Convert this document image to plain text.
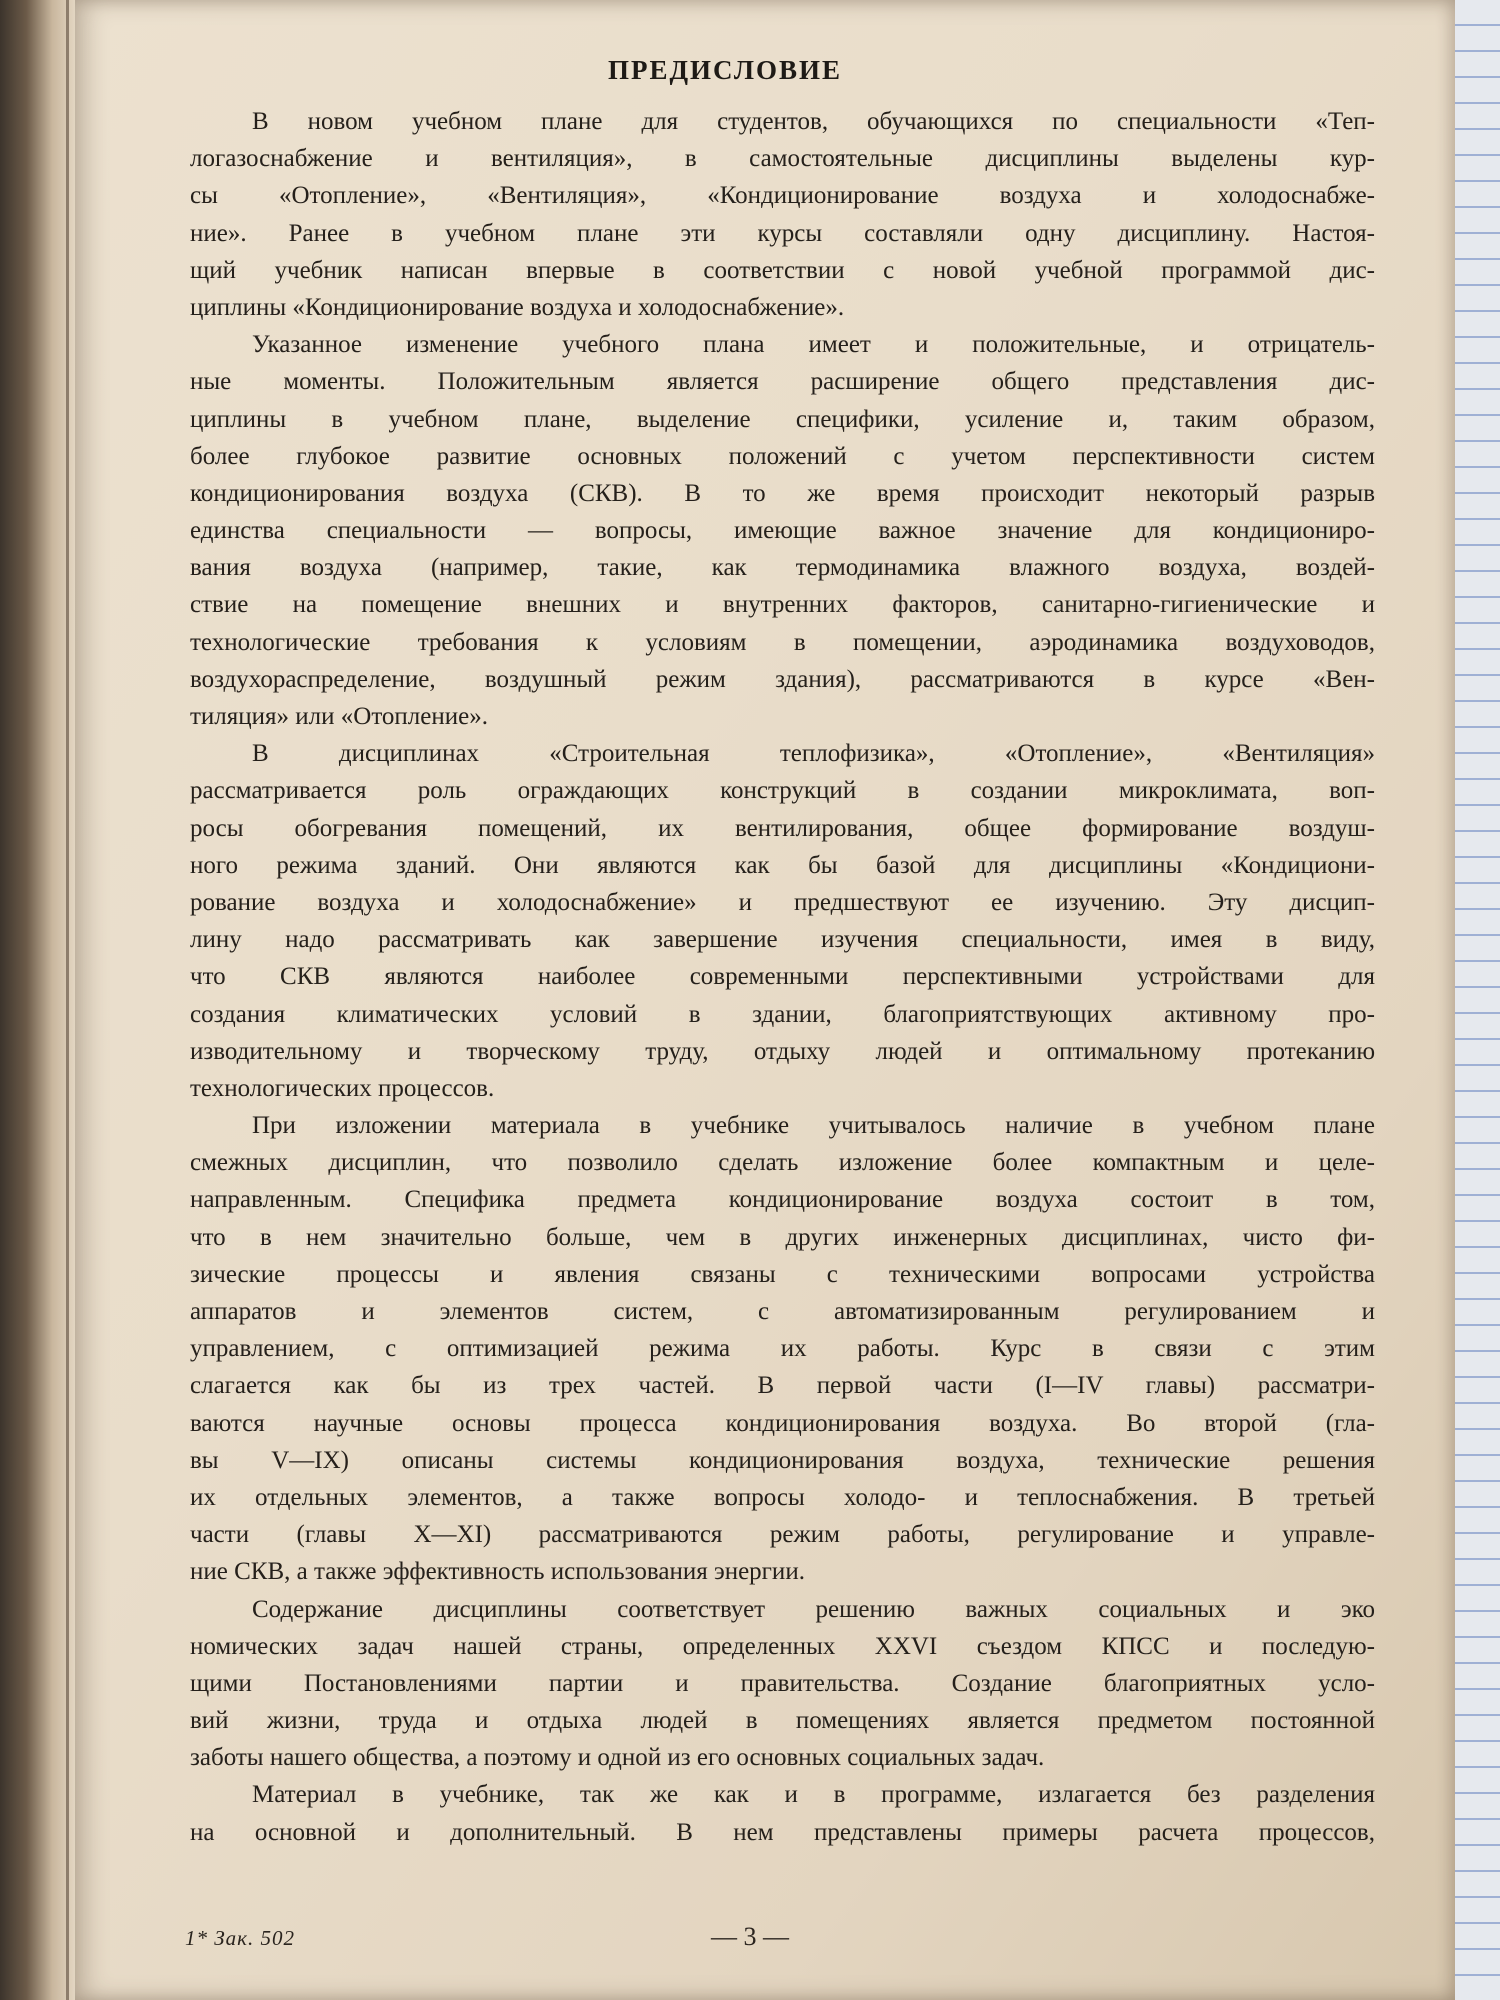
ПРЕДИСЛОВИЕ
В новом учебном плане для студентов, обучающихся по специальности «Теп-
логазоснабжение и вентиляция», в самостоятельные дисциплины выделены кур-
сы «Отопление», «Вентиляция», «Кондиционирование воздуха и холодоснабже-
ние». Ранее в учебном плане эти курсы составляли одну дисциплину. Настоя-
щий учебник написан впервые в соответствии с новой учебной программой дис-
циплины «Кондиционирование воздуха и холодоснабжение».
Указанное изменение учебного плана имеет и положительные, и отрицатель-
ные моменты. Положительным является расширение общего представления дис-
циплины в учебном плане, выделение специфики, усиление и, таким образом,
более глубокое развитие основных положений с учетом перспективности систем
кондиционирования воздуха (СКВ). В то же время происходит некоторый разрыв
единства специальности — вопросы, имеющие важное значение для кондициониро-
вания воздуха (например, такие, как термодинамика влажного воздуха, воздей-
ствие на помещение внешних и внутренних факторов, санитарно-гигиенические и
технологические требования к условиям в помещении, аэродинамика воздуховодов,
воздухораспределение, воздушный режим здания), рассматриваются в курсе «Вен-
тиляция» или «Отопление».
В дисциплинах «Строительная теплофизика», «Отопление», «Вентиляция»
рассматривается роль ограждающих конструкций в создании микроклимата, воп-
росы обогревания помещений, их вентилирования, общее формирование воздуш-
ного режима зданий. Они являются как бы базой для дисциплины «Кондициони-
рование воздуха и холодоснабжение» и предшествуют ее изучению. Эту дисцип-
лину надо рассматривать как завершение изучения специальности, имея в виду,
что СКВ являются наиболее современными перспективными устройствами для
создания климатических условий в здании, благоприятствующих активному про-
изводительному и творческому труду, отдыху людей и оптимальному протеканию
технологических процессов.
При изложении материала в учебнике учитывалось наличие в учебном плане
смежных дисциплин, что позволило сделать изложение более компактным и целе-
направленным. Специфика предмета кондиционирование воздуха состоит в том,
что в нем значительно больше, чем в других инженерных дисциплинах, чисто фи-
зические процессы и явления связаны с техническими вопросами устройства
аппаратов и элементов систем, с автоматизированным регулированием и
управлением, с оптимизацией режима их работы. Курс в связи с этим
слагается как бы из трех частей. В первой части (I—IV главы) рассматри-
ваются научные основы процесса кондиционирования воздуха. Во второй (гла-
вы V—IX) описаны системы кондиционирования воздуха, технические решения
их отдельных элементов, а также вопросы холодо- и теплоснабжения. В третьей
части (главы X—XI) рассматриваются режим работы, регулирование и управле-
ние СКВ, а также эффективность использования энергии.
Содержание дисциплины соответствует решению важных социальных и эко
номических задач нашей страны, определенных XXVI съездом КПСС и последую-
щими Постановлениями партии и правительства. Создание благоприятных усло-
вий жизни, труда и отдыха людей в помещениях является предметом постоянной
заботы нашего общества, а поэтому и одной из его основных социальных задач.
Материал в учебнике, так же как и в программе, излагается без разделения
на основной и дополнительный. В нем представлены примеры расчета процессов,
1* Зак. 502	— 3 —
